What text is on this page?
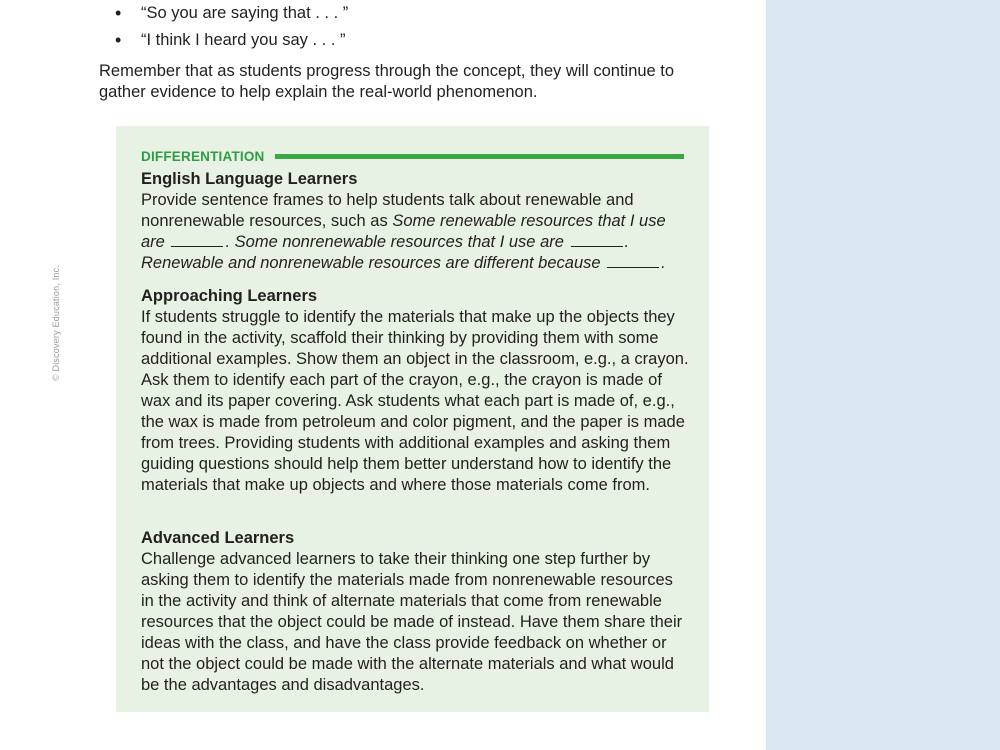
© Discovery Education, Inc.
• “So you are saying that . . . ”
• “I think I heard you say . . . ”

Remember that as students progress through the concept, they will continue to gather evidence to help explain the real-world phenomenon.

DIFFERENTIATION
English Language Learners

Provide sentence frames to help students talk about renewable and nonrenewable resources, such as Some renewable resources that I use are	. Some nonrenewable resources that I use are	. Renewable and nonrenewable resources are different because	.

Approaching Learners

If students struggle to identify the materials that make up the objects they found in the activity, scaffold their thinking by providing them with some additional examples. Show them an object in the classroom, e.g., a crayon. Ask them to identify each part of the crayon, e.g., the crayon is made of wax and its paper covering. Ask students what each part is made of, e.g., the wax is made from petroleum and color pigment, and the paper is made from trees. Providing students with additional examples and asking them guiding questions should help them better understand how to identify the materials that make up objects and where those materials come from.

Advanced Learners

Challenge advanced learners to take their thinking one step further by asking them to identify the materials made from nonrenewable resources in the activity and think of alternate materials that come from renewable resources that the object could be made of instead. Have them share their ideas with the class, and have the class provide feedback on whether or not the object could be made with the alternate materials and what would be the advantages and disadvantages.
